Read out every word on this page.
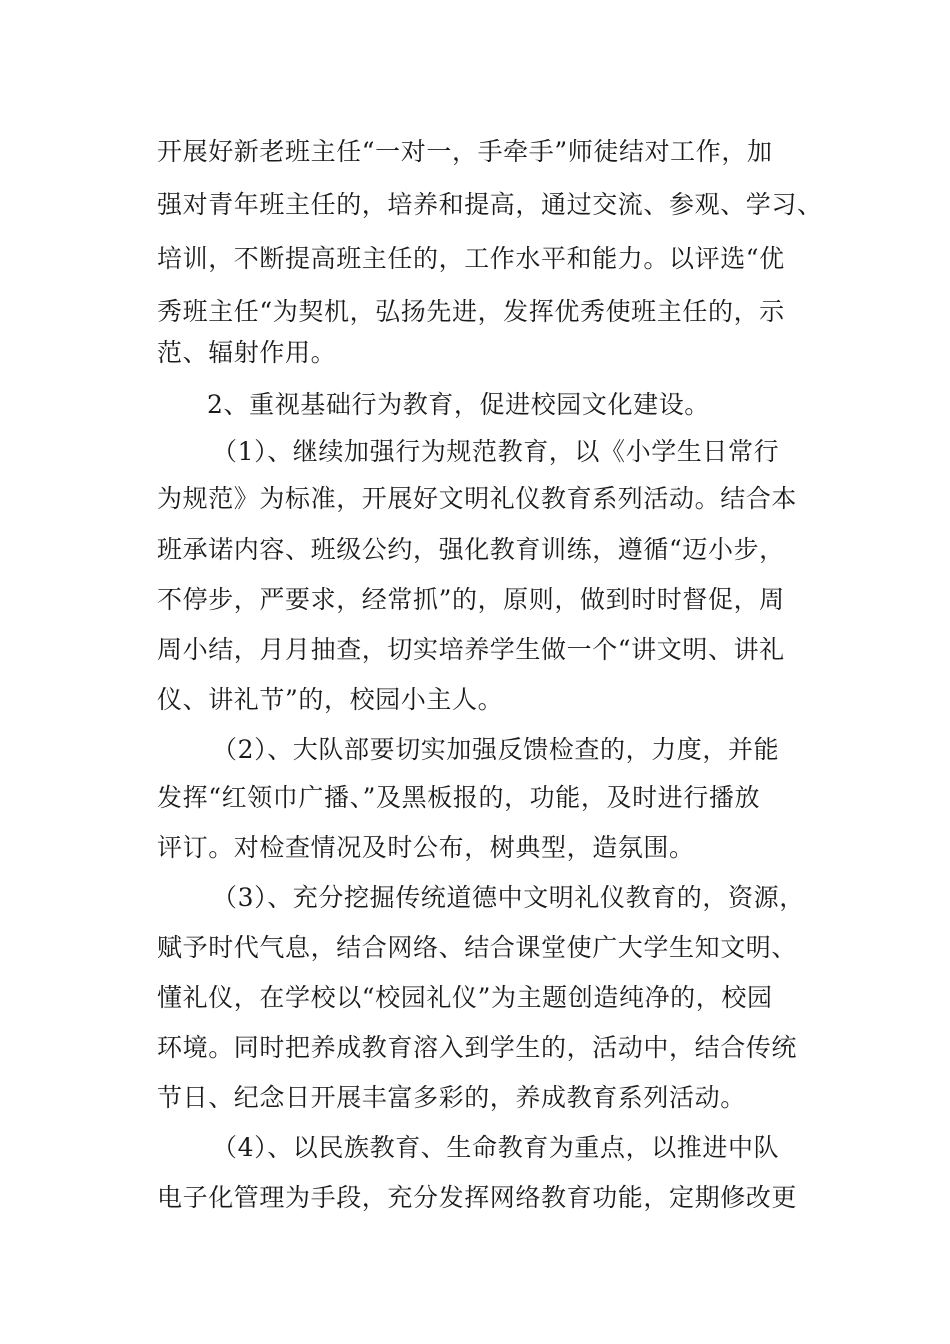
开展好新老班主任“一对一，手牵手”师徒结对工作，加
强对青年班主任的，培养和提高，通过交流、参观、学习、
培训，不断提高班主任的，工作水平和能力。以评选“优
秀班主任“为契机，弘扬先进，发挥优秀使班主任的，示
范、辐射作用。
2、重视基础行为教育，促进校园文化建设。
（1）、继续加强行为规范教育，以《小学生日常行
为规范》为标准，开展好文明礼仪教育系列活动。结合本
班承诺内容、班级公约，强化教育训练，遵循“迈小步，
不停步，严要求，经常抓”的，原则，做到时时督促，周
周小结，月月抽查，切实培养学生做一个“讲文明、讲礼
仪、讲礼节”的，校园小主人。
（2）、大队部要切实加强反馈检查的，力度，并能
发挥“红领巾广播、”及黑板报的，功能，及时进行播放
评订。对检查情况及时公布，树典型，造氛围。
（3）、充分挖掘传统道德中文明礼仪教育的，资源，
赋予时代气息，结合网络、结合课堂使广大学生知文明、
懂礼仪，在学校以“校园礼仪”为主题创造纯净的，校园
环境。同时把养成教育溶入到学生的，活动中，结合传统
节日、纪念日开展丰富多彩的，养成教育系列活动。
（4）、以民族教育、生命教育为重点，以推进中队
电子化管理为手段，充分发挥网络教育功能，定期修改更
